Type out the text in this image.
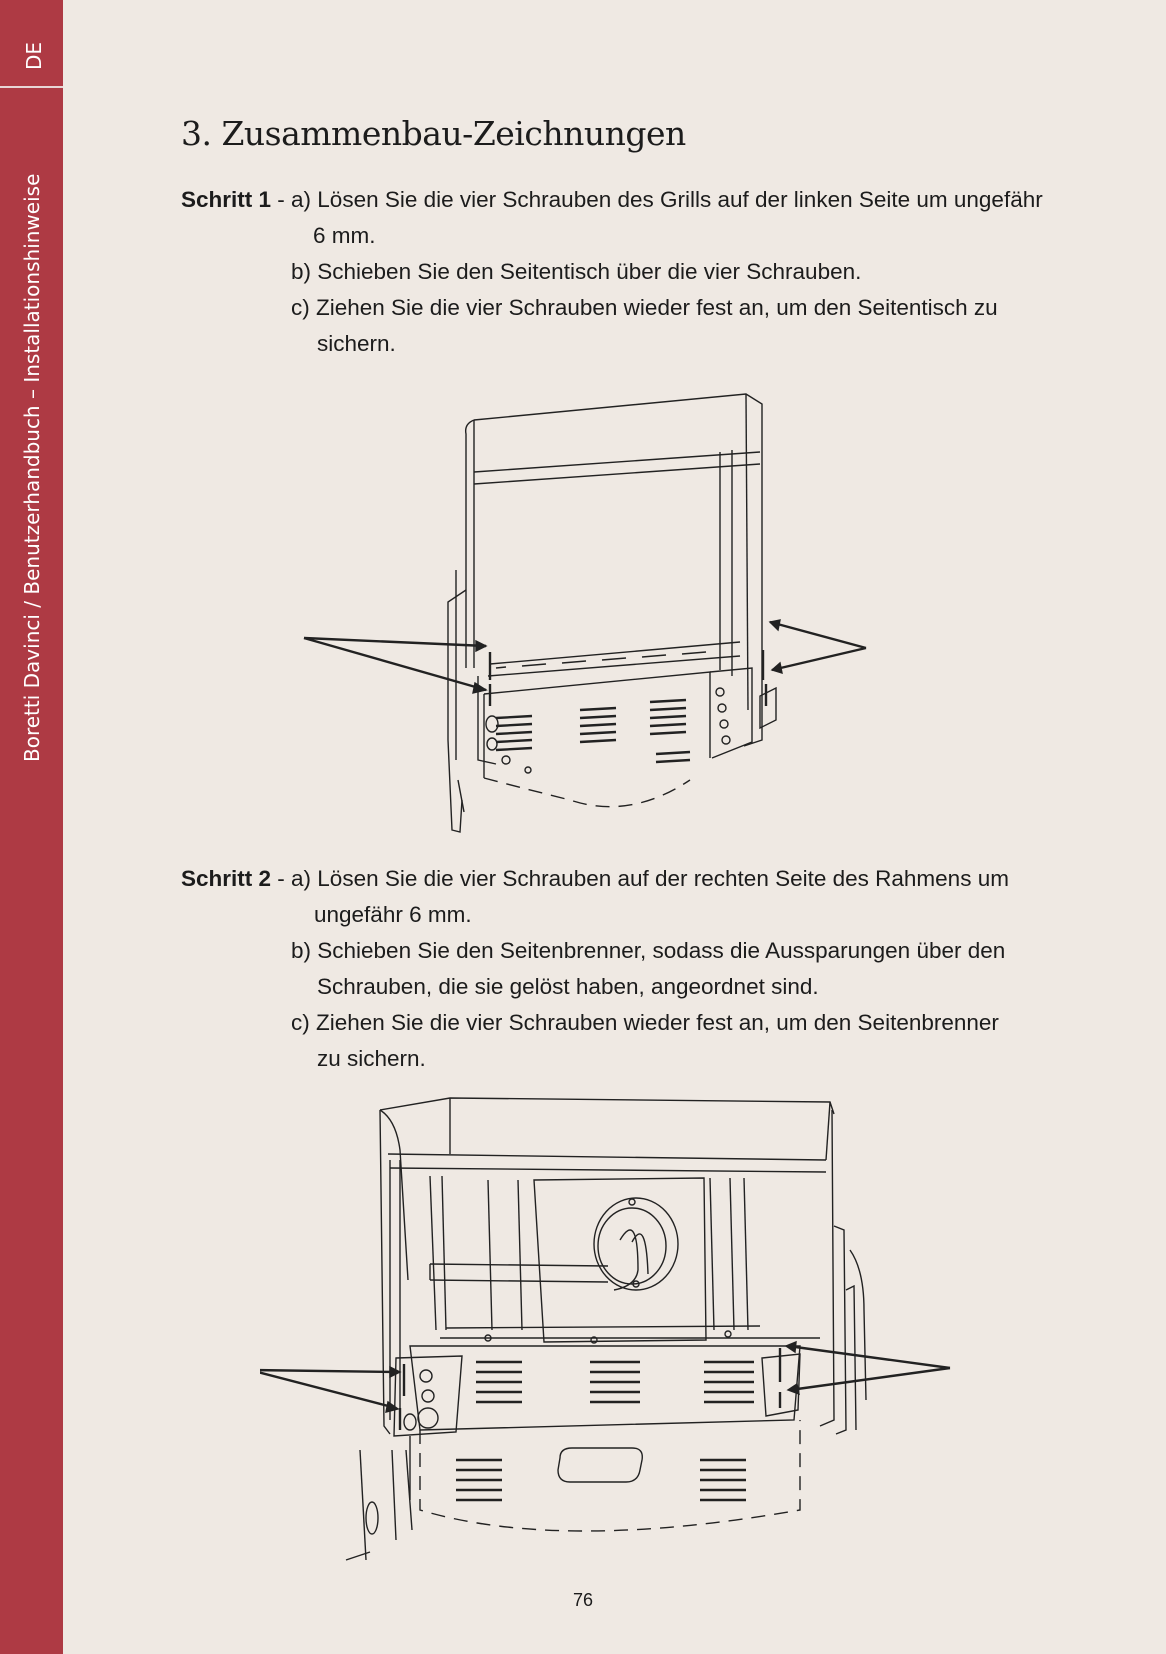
DE
Boretti Davinci / Benutzerhandbuch – Installationshinweise
3. Zusammenbau-Zeichnungen
Schritt 1 - a) Lösen Sie die vier Schrauben des Grills auf der linken Seite um ungefähr
6 mm.
b) Schieben Sie den Seitentisch über die vier Schrauben.
c) Ziehen Sie die vier Schrauben wieder fest an, um den Seitentisch zu
sichern.
Schritt 2 - a) Lösen Sie die vier Schrauben auf der rechten Seite des Rahmens um
ungefähr 6 mm.
b) Schieben Sie den Seitenbrenner, sodass die Aussparungen über den
Schrauben, die sie gelöst haben, angeordnet sind.
c) Ziehen Sie die vier Schrauben wieder fest an, um den Seitenbrenner
zu sichern.
76
